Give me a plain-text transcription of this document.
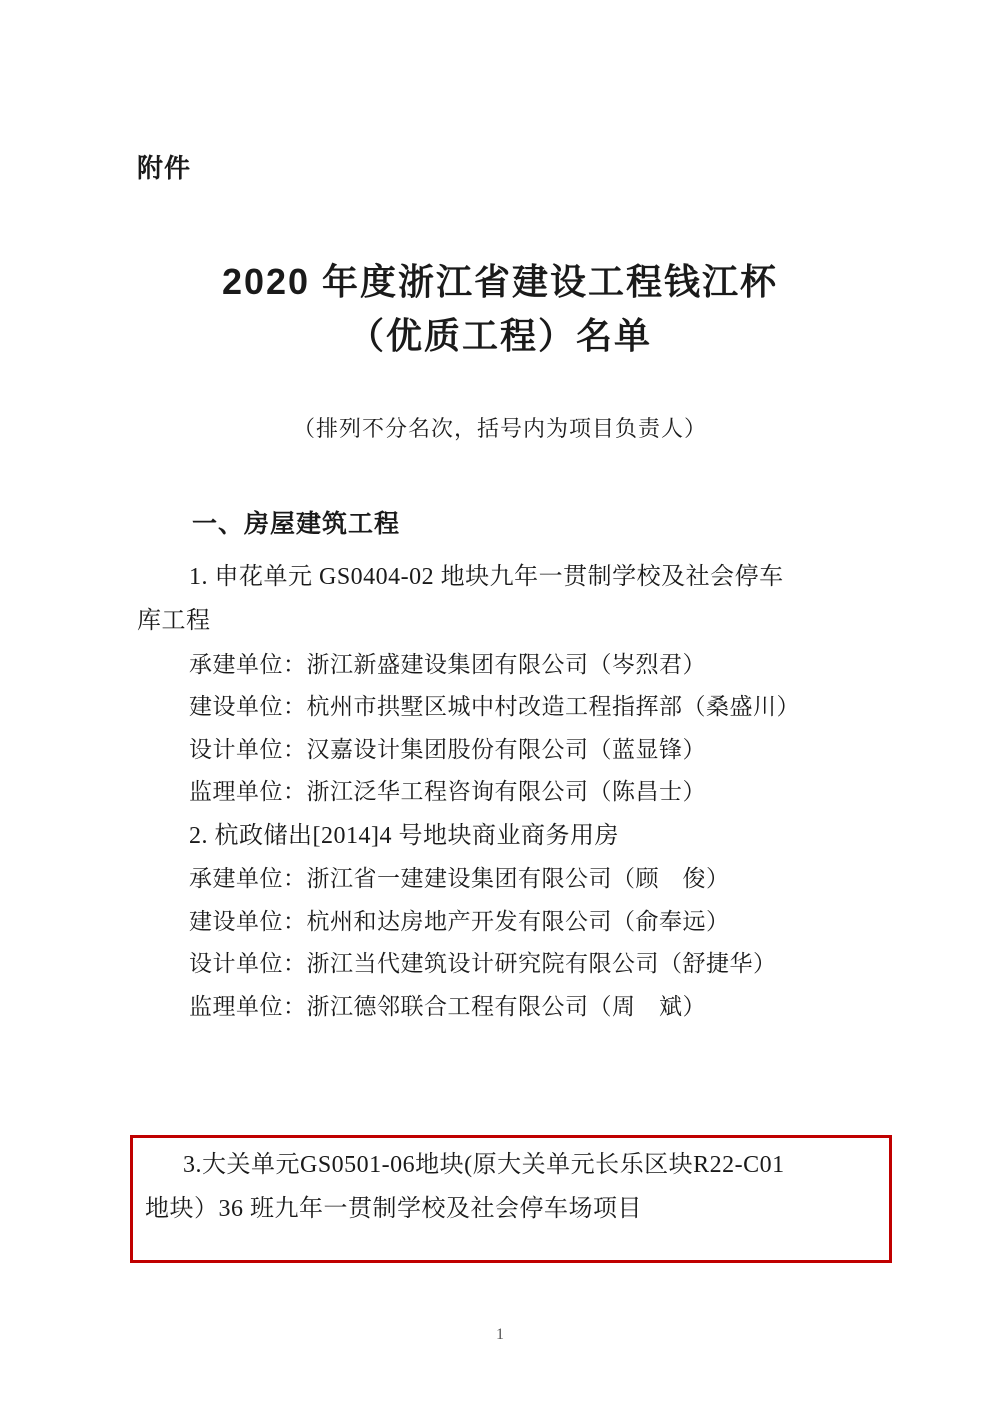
附件
2020 年度浙江省建设工程钱江杯
（优质工程）名单
（排列不分名次，括号内为项目负责人）
一、房屋建筑工程
1. 申花单元 GS0404-02 地块九年一贯制学校及社会停车
库工程
承建单位：浙江新盛建设集团有限公司（岑烈君）
建设单位：杭州市拱墅区城中村改造工程指挥部（桑盛川）
设计单位：汉嘉设计集团股份有限公司（蓝显锋）
监理单位：浙江泛华工程咨询有限公司（陈昌士）
2. 杭政储出[2014]4 号地块商业商务用房
承建单位：浙江省一建建设集团有限公司（顾　俊）
建设单位：杭州和达房地产开发有限公司（俞奉远）
设计单位：浙江当代建筑设计研究院有限公司（舒捷华）
监理单位：浙江德邻联合工程有限公司（周　斌）
3.大关单元GS0501-06地块(原大关单元长乐区块R22-C01
地块）36 班九年一贯制学校及社会停车场项目
1
